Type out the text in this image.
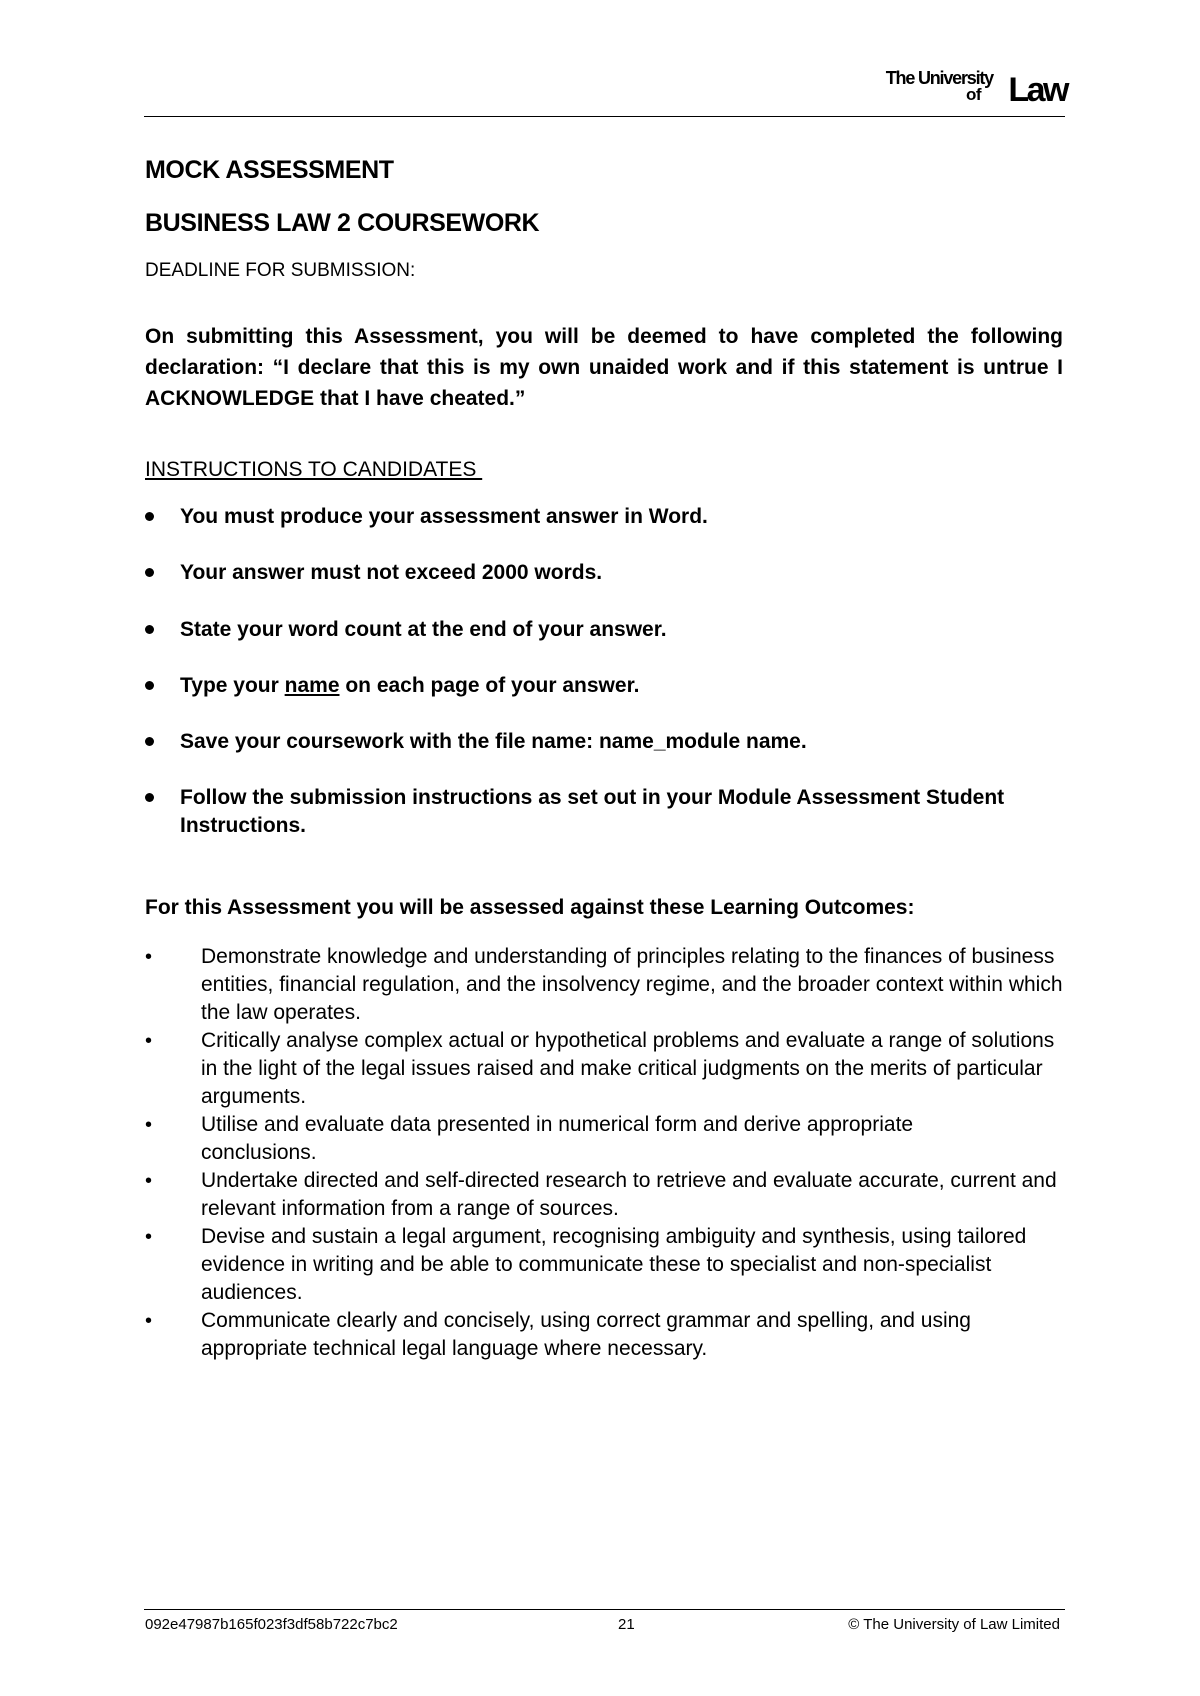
The University
of Law
MOCK ASSESSMENT
BUSINESS LAW 2 COURSEWORK
DEADLINE FOR SUBMISSION:
On submitting this Assessment, you will be deemed to have completed the following declaration: “I declare that this is my own unaided work and if this statement is untrue I ACKNOWLEDGE that I have cheated.”
INSTRUCTIONS TO CANDIDATES
You must produce your assessment answer in Word.
Your answer must not exceed 2000 words.
State your word count at the end of your answer.
Type your name on each page of your answer.
Save your coursework with the file name: name_module name.
Follow the submission instructions as set out in your Module Assessment Student Instructions.
For this Assessment you will be assessed against these Learning Outcomes:
• Demonstrate knowledge and understanding of principles relating to the finances of business entities, financial regulation, and the insolvency regime, and the broader context within which the law operates.
• Critically analyse complex actual or hypothetical problems and evaluate a range of solutions in the light of the legal issues raised and make critical judgments on the merits of particular arguments.
• Utilise and evaluate data presented in numerical form and derive appropriate conclusions.
• Undertake directed and self-directed research to retrieve and evaluate accurate, current and relevant information from a range of sources.
• Devise and sustain a legal argument, recognising ambiguity and synthesis, using tailored evidence in writing and be able to communicate these to specialist and non-specialist audiences.
• Communicate clearly and concisely, using correct grammar and spelling, and using appropriate technical legal language where necessary.
092e47987b165f023f3df58b722c7bc2	21	© The University of Law Limited
